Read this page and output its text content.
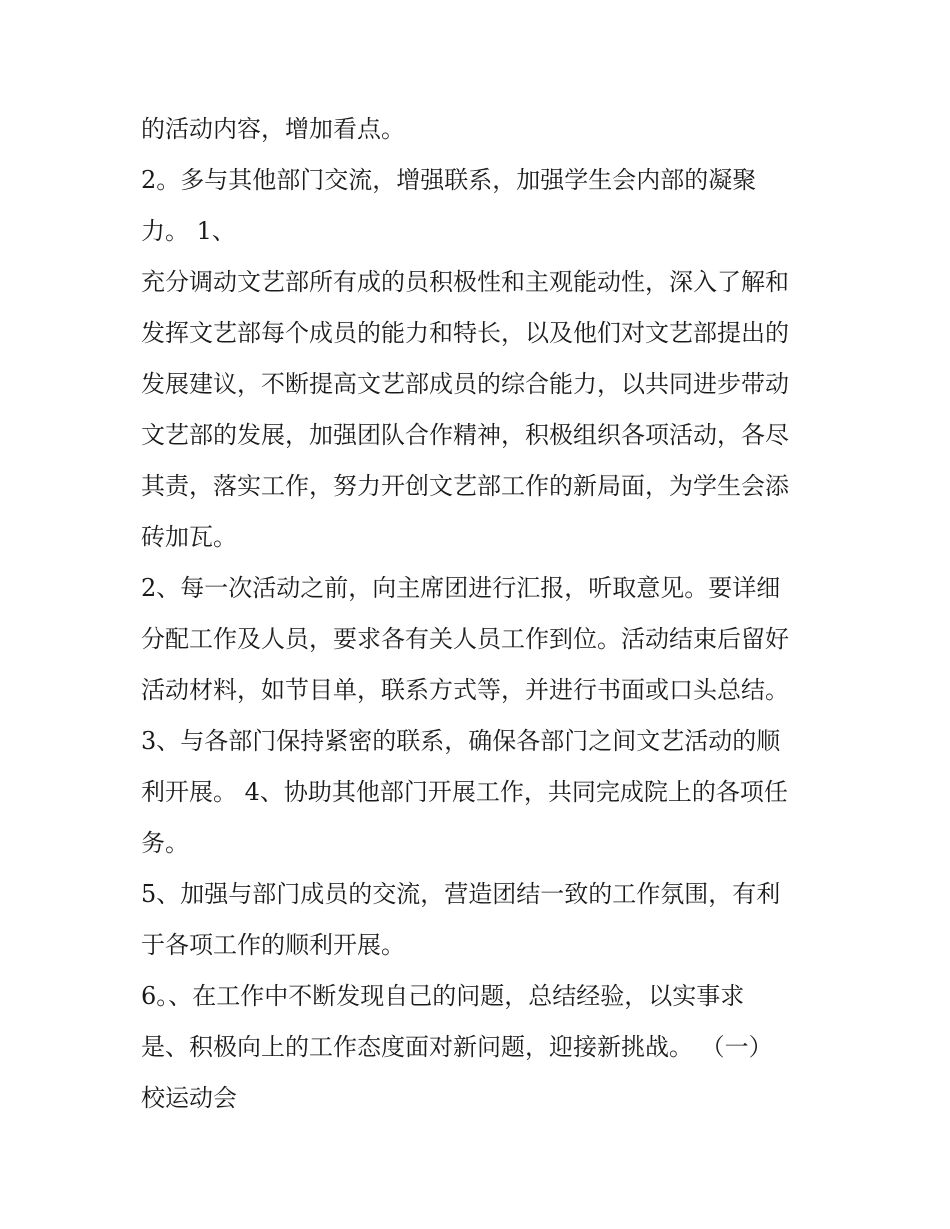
的活动内容，增加看点。
2。多与其他部门交流，增强联系，加强学生会内部的凝聚
力。 1、
充分调动文艺部所有成的员积极性和主观能动性，深入了解和
发挥文艺部每个成员的能力和特长，以及他们对文艺部提出的
发展建议，不断提高文艺部成员的综合能力，以共同进步带动
文艺部的发展，加强团队合作精神，积极组织各项活动，各尽
其责，落实工作，努力开创文艺部工作的新局面，为学生会添
砖加瓦。
2、每一次活动之前，向主席团进行汇报，听取意见。要详细
分配工作及人员，要求各有关人员工作到位。活动结束后留好
活动材料，如节目单，联系方式等，并进行书面或口头总结。
3、与各部门保持紧密的联系，确保各部门之间文艺活动的顺
利开展。 4、协助其他部门开展工作，共同完成院上的各项任
务。
5、加强与部门成员的交流，营造团结一致的工作氛围，有利
于各项工作的顺利开展。
6。、在工作中不断发现自己的问题，总结经验，以实事求
是、积极向上的工作态度面对新问题，迎接新挑战。 （一）
校运动会
